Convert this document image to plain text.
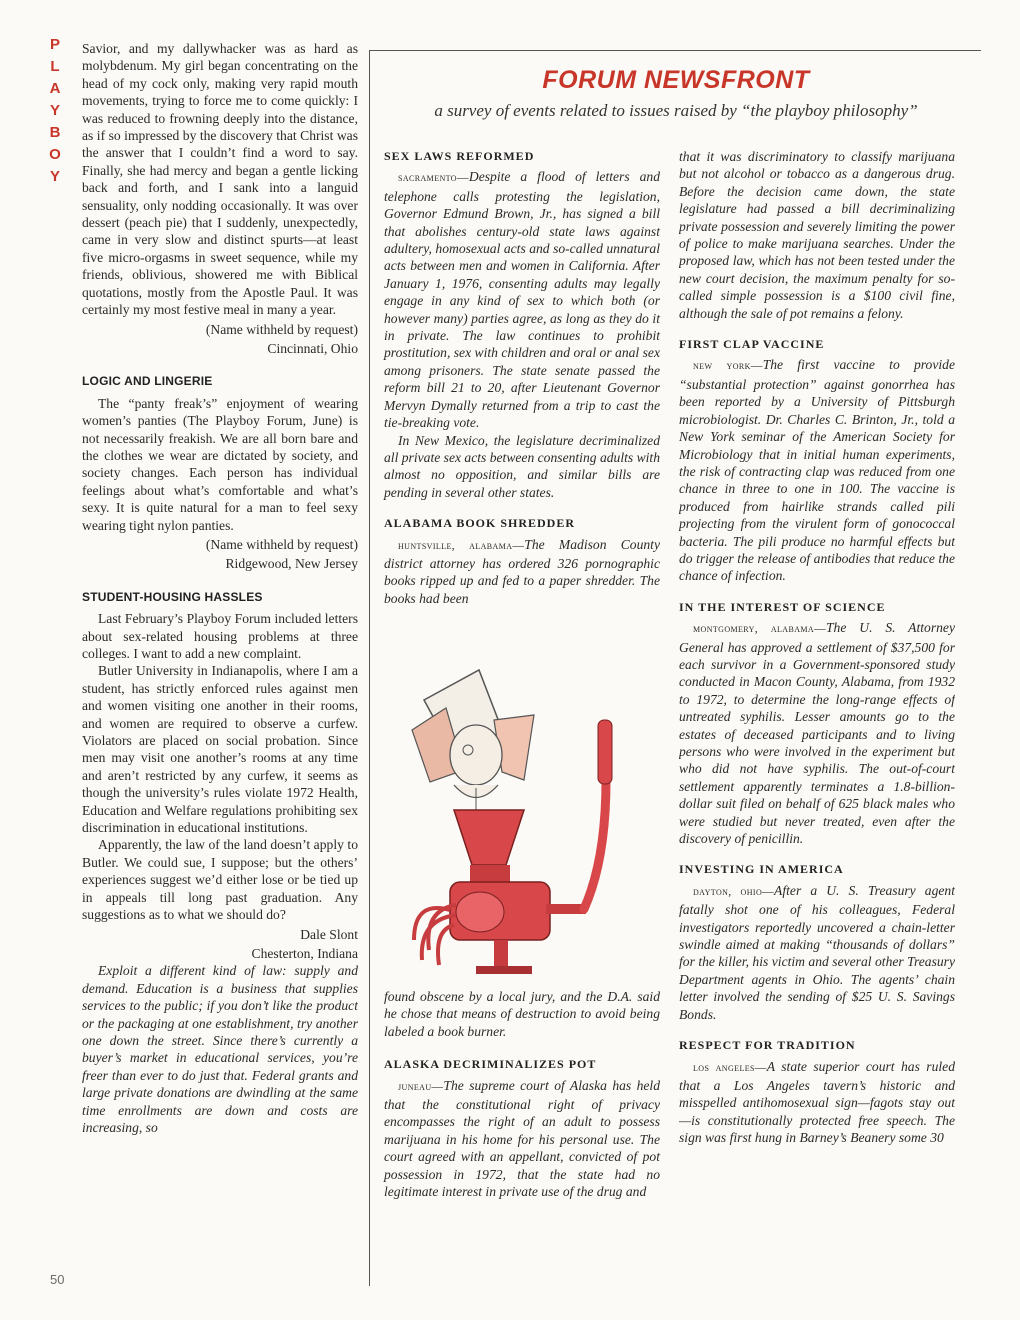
P
L
A
Y
B
O
Y
50

Savior, and my dallywhacker was as hard as molybdenum. My girl began concentrating on the head of my cock only, making very rapid mouth movements, trying to force me to come quickly: I was reduced to frowning deeply into the distance, as if so impressed by the discovery that Christ was the answer that I couldn’t find a word to say. Finally, she had mercy and began a gentle licking back and forth, and I sank into a languid sensuality, only nodding occasionally. It was over dessert (peach pie) that I suddenly, unexpectedly, came in very slow and distinct spurts—at least five micro-orgasms in sweet sequence, while my friends, oblivious, showered me with Biblical quotations, mostly from the Apostle Paul. It was certainly my most festive meal in many a year.

(Name withheld by request)

Cincinnati, Ohio

LOGIC AND LINGERIE

The “panty freak’s” enjoyment of wearing women’s panties (The Playboy Forum, June) is not necessarily freakish. We are all born bare and the clothes we wear are dictated by society, and society changes. Each person has individual feelings about what’s comfortable and what’s sexy. It is quite natural for a man to feel sexy wearing tight nylon panties.

(Name withheld by request)

Ridgewood, New Jersey

STUDENT-HOUSING HASSLES

Last February’s Playboy Forum included letters about sex-related housing problems at three colleges. I want to add a new complaint.

Butler University in Indianapolis, where I am a student, has strictly enforced rules against men and women visiting one another in their rooms, and women are required to observe a curfew. Violators are placed on social probation. Since men may visit one another’s rooms at any time and aren’t restricted by any curfew, it seems as though the university’s rules violate 1972 Health, Education and Welfare regulations prohibiting sex discrimination in educational institutions.

Apparently, the law of the land doesn’t apply to Butler. We could sue, I suppose; but the others’ experiences suggest we’d either lose or be tied up in appeals till long past graduation. Any suggestions as to what we should do?

Dale Slont

Chesterton, Indiana

Exploit a different kind of law: supply and demand. Education is a business that supplies services to the public; if you don’t like the product or the packaging at one establishment, try another one down the street. Since there’s currently a buyer’s market in educational services, you’re freer than ever to do just that. Federal grants and large private donations are dwindling at the same time enrollments are down and costs are increasing, so

FORUM NEWSFRONT
a survey of events related to issues raised by “the playboy philosophy”
SEX LAWS REFORMED

sacramento—Despite a flood of letters and telephone calls protesting the legislation, Governor Edmund Brown, Jr., has signed a bill that abolishes century-old state laws against adultery, homosexual acts and so-called unnatural acts between men and women in California. After January 1, 1976, consenting adults may legally engage in any kind of sex to which both (or however many) parties agree, as long as they do it in private. The law continues to prohibit prostitution, sex with children and oral or anal sex among prisoners. The state senate passed the reform bill 21 to 20, after Lieutenant Governor Mervyn Dymally returned from a trip to cast the tie-breaking vote.

In New Mexico, the legislature decriminalized all private sex acts between consenting adults with almost no opposition, and similar bills are pending in several other states.

ALABAMA BOOK SHREDDER

huntsville, alabama—The Madison County district attorney has ordered 326 pornographic books ripped up and fed to a paper shredder. The books had been

found obscene by a local jury, and the D.A. said he chose that means of destruction to avoid being labeled a book burner.

ALASKA DECRIMINALIZES POT

juneau—The supreme court of Alaska has held that the constitutional right of privacy encompasses the right of an adult to possess marijuana in his home for his personal use. The court agreed with an appellant, convicted of pot possession in 1972, that the state had no legitimate interest in private use of the drug and

that it was discriminatory to classify marijuana but not alcohol or tobacco as a dangerous drug. Before the decision came down, the state legislature had passed a bill decriminalizing private possession and severely limiting the power of police to make marijuana searches. Under the proposed law, which has not been tested under the new court decision, the maximum penalty for so-called simple possession is a $100 civil fine, although the sale of pot remains a felony.

FIRST CLAP VACCINE

new york—The first vaccine to provide “substantial protection” against gonorrhea has been reported by a University of Pittsburgh microbiologist. Dr. Charles C. Brinton, Jr., told a New York seminar of the American Society for Microbiology that in initial human experiments, the risk of contracting clap was reduced from one chance in three to one in 100. The vaccine is produced from hairlike strands called pili projecting from the virulent form of gonococcal bacteria. The pili produce no harmful effects but do trigger the release of antibodies that reduce the chance of infection.

IN THE INTEREST OF SCIENCE

montgomery, alabama—The U. S. Attorney General has approved a settlement of $37,500 for each survivor in a Government-sponsored study conducted in Macon County, Alabama, from 1932 to 1972, to determine the long-range effects of untreated syphilis. Lesser amounts go to the estates of deceased participants and to living persons who were involved in the experiment but who did not have syphilis. The out-of-court settlement apparently terminates a 1.8-billion-dollar suit filed on behalf of 625 black males who were studied but never treated, even after the discovery of penicillin.

INVESTING IN AMERICA

dayton, ohio—After a U. S. Treasury agent fatally shot one of his colleagues, Federal investigators reportedly uncovered a chain-letter swindle aimed at making “thousands of dollars” for the killer, his victim and several other Treasury Department agents in Ohio. The agents’ chain letter involved the sending of $25 U. S. Savings Bonds.

RESPECT FOR TRADITION

los angeles—A state superior court has ruled that a Los Angeles tavern’s historic and misspelled antihomosexual sign—fagots stay out—is constitutionally protected free speech. The sign was first hung in Barney’s Beanery some 30
